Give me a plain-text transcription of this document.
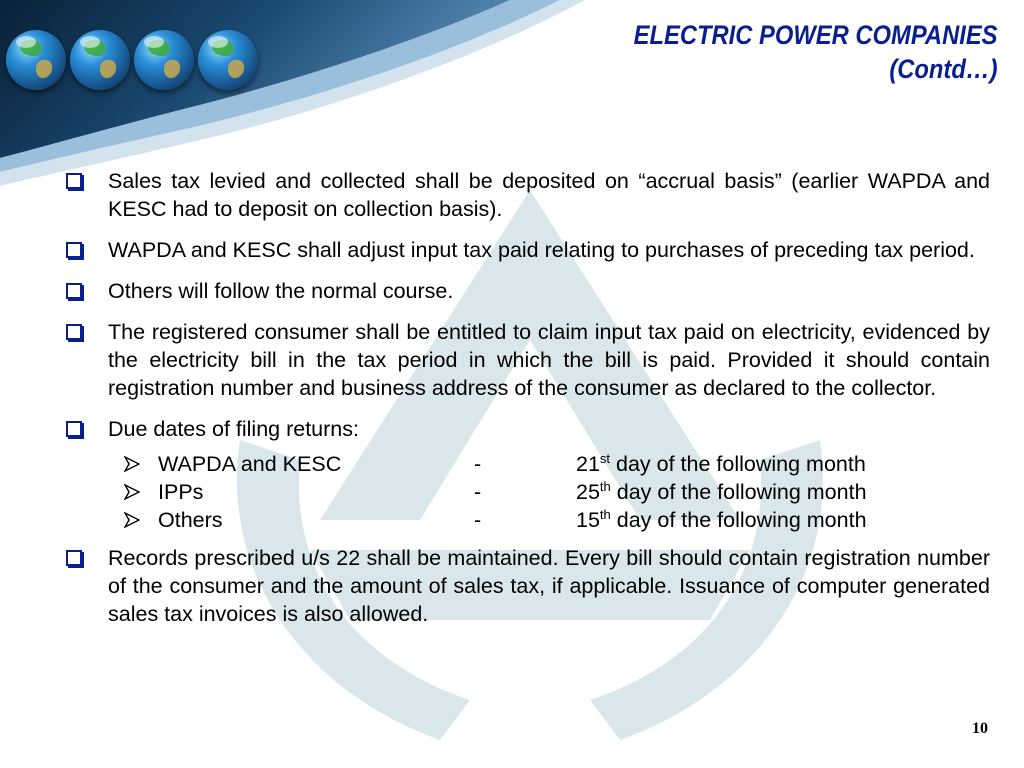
ELECTRIC POWER COMPANIES
(Contd…)
Sales tax levied and collected shall be deposited on “accrual basis” (earlier WAPDA and KESC had to deposit on collection basis).
WAPDA and KESC shall adjust input tax paid relating to purchases of preceding tax period.
Others will follow the normal course.
The registered consumer shall be entitled to claim input tax paid on electricity, evidenced by the electricity bill in the tax period in which the bill is paid. Provided it should contain registration number and business address of the consumer as declared to the collector.
Due dates of filing returns:
WAPDA and KESC	-	21st day of the following month
IPPs	-	25th day of the following month
Others	-	15th day of the following month
Records prescribed u/s 22 shall be maintained. Every bill should contain registration number of the consumer and the amount of sales tax, if applicable. Issuance of computer generated sales tax invoices is also allowed.
10
